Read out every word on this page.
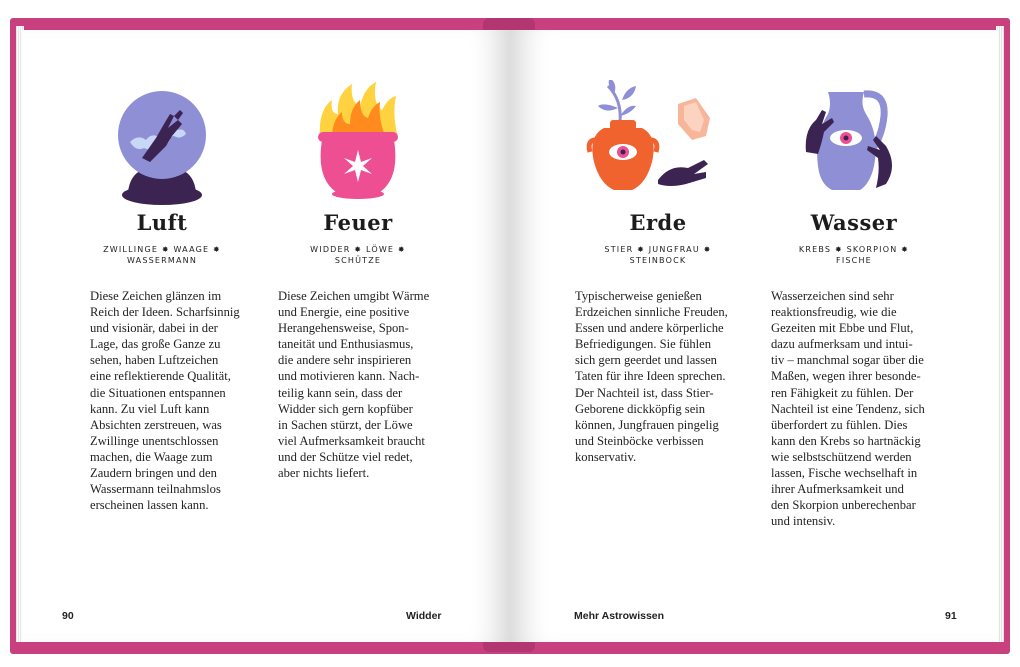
Luft
ZWILLINGE ✸ WAAGE ✸
WASSERMANN
Diese Zeichen glänzen im
Reich der Ideen. Scharfsinnig
und visionär, dabei in der
Lage, das große Ganze zu
sehen, haben Luftzeichen
eine reflektierende Qualität,
die Situationen entspannen
kann. Zu viel Luft kann
Absichten zerstreuen, was
Zwillinge unentschlossen
machen, die Waage zum
Zaudern bringen und den
Wassermann teilnahmslos
erscheinen lassen kann.
Feuer
WIDDER ✸ LÖWE ✸
SCHÜTZE
Diese Zeichen umgibt Wärme
und Energie, eine positive
Herangehensweise, Spon-
taneität und Enthusiasmus,
die andere sehr inspirieren
und motivieren kann. Nach-
teilig kann sein, dass der
Widder sich gern kopfüber
in Sachen stürzt, der Löwe
viel Aufmerksamkeit braucht
und der Schütze viel redet,
aber nichts liefert.
90	Widder
Erde
STIER ✸ JUNGFRAU ✸
STEINBOCK
Typischerweise genießen
Erdzeichen sinnliche Freuden,
Essen und andere körperliche
Befriedigungen. Sie fühlen
sich gern geerdet und lassen
Taten für ihre Ideen sprechen.
Der Nachteil ist, dass Stier-
Geborene dickköpfig sein
können, Jungfrauen pingelig
und Steinböcke verbissen
konservativ.
Wasser
KREBS ✸ SKORPION ✸
FISCHE
Wasserzeichen sind sehr
reaktionsfreudig, wie die
Gezeiten mit Ebbe und Flut,
dazu aufmerksam und intui-
tiv – manchmal sogar über die
Maßen, wegen ihrer besonde-
ren Fähigkeit zu fühlen. Der
Nachteil ist eine Tendenz, sich
überfordert zu fühlen. Dies
kann den Krebs so hartnäckig
wie selbstschützend werden
lassen, Fische wechselhaft in
ihrer Aufmerksamkeit und
den Skorpion unberechenbar
und intensiv.
Mehr Astrowissen	91
